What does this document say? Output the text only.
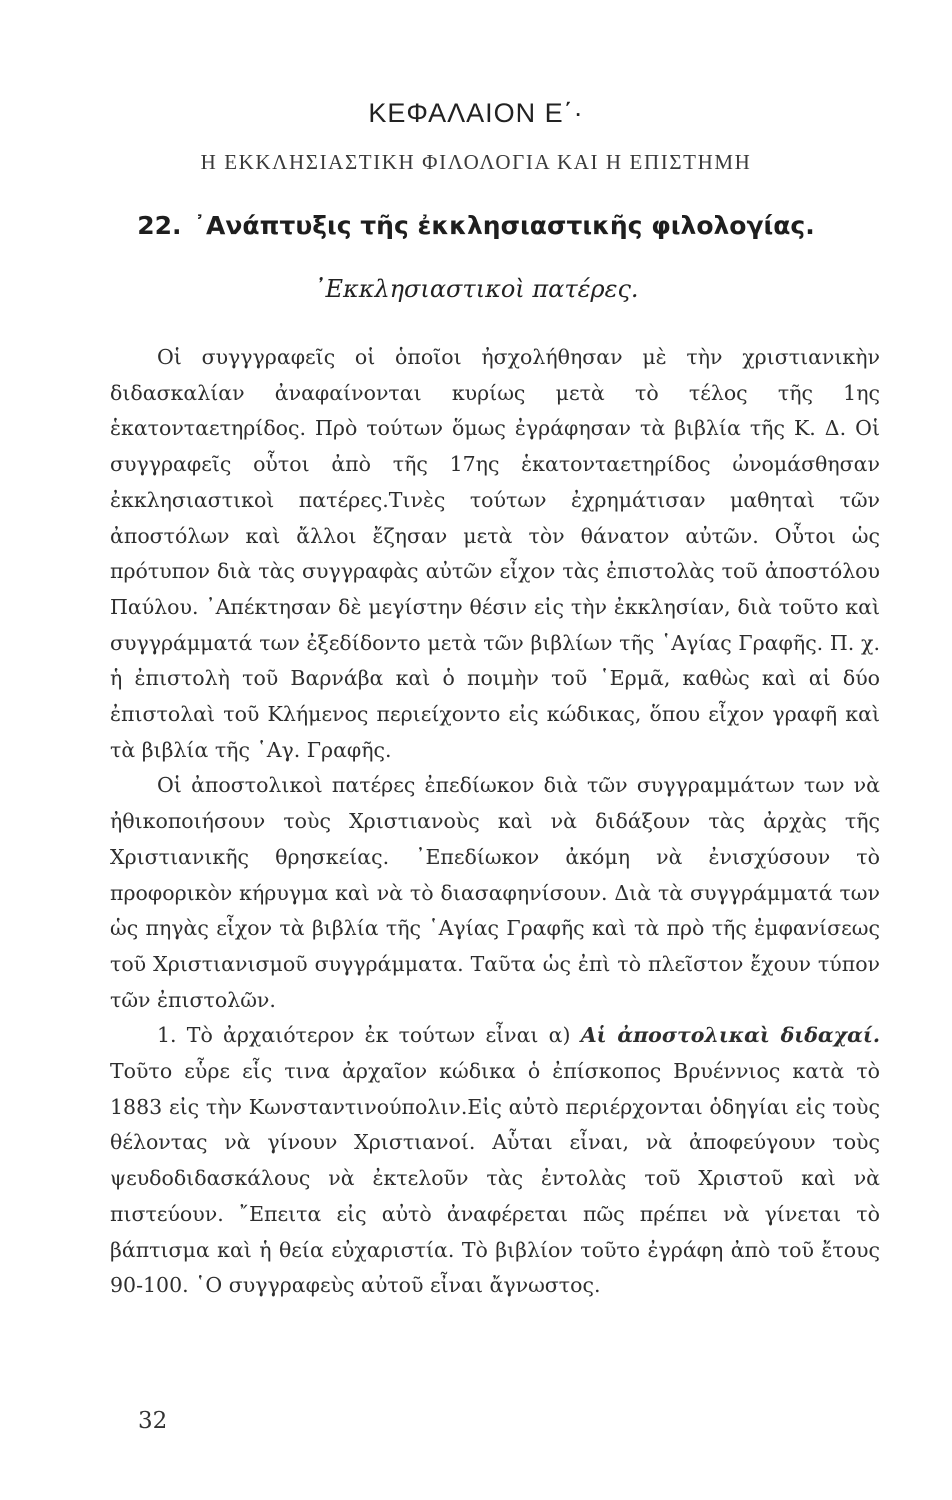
ΚΕΦΑΛΑΙΟΝ Ε΄·
Η ΕΚΚΛΗΣΙΑΣΤΙΚΗ ΦΙΛΟΛΟΓΙΑ ΚΑΙ Η ΕΠΙΣΤΗΜΗ
22. ᾿Ανάπτυξις τῆς ἐκκλησιαστικῆς φιλολογίας.
᾿Εκκλησιαστικοὶ πατέρες.

Οἱ συγγγραφεῖς οἱ ὁποῖοι ἠσχολήθησαν μὲ τὴν χριστιανικὴν διδασκαλίαν ἀναφαίνονται κυρίως μετὰ τὸ τέλος τῆς 1ης ἑκατονταετηρίδος. Πρὸ τούτων ὅμως ἐγράφησαν τὰ βιβλία τῆς Κ. Δ. Οἱ συγγραφεῖς οὗτοι ἀπὸ τῆς 17ης ἑκατονταετηρίδος ὠνομάσθησαν ἐκκλησιαστικοὶ πατέρες.Τινὲς τούτων ἐχρημάτισαν μαθηταὶ τῶν ἀποστόλων καὶ ἄλλοι ἔζησαν μετὰ τὸν θάνατον αὐτῶν. Οὗτοι ὡς πρότυπον διὰ τὰς συγγραφὰς αὐτῶν εἶχον τὰς ἐπιστολὰς τοῦ ἀποστόλου Παύλου. ᾿Απέκτησαν δὲ μεγίστην θέσιν εἰς τὴν ἐκκλησίαν, διὰ τοῦτο καὶ συγγράμματά των ἐξεδίδοντο μετὰ τῶν βιβλίων τῆς ῾Αγίας Γραφῆς. Π. χ. ἡ ἐπιστολὴ τοῦ Βαρνάβα καὶ ὁ ποιμὴν τοῦ ῾Ερμᾶ, καθὼς καὶ αἱ δύο ἐπιστολαὶ τοῦ Κλήμενος περιείχοντο εἰς κώδικας, ὅπου εἶχον γραφῆ καὶ τὰ βιβλία τῆς ῾Αγ. Γραφῆς.

Οἱ ἀποστολικοὶ πατέρες ἐπεδίωκον διὰ τῶν συγγραμμάτων των νὰ ἠθικοποιήσουν τοὺς Χριστιανοὺς καὶ νὰ διδάξουν τὰς ἀρχὰς τῆς Χριστιανικῆς θρησκείας. ᾿Επεδίωκον ἀκόμη νὰ ἐνισχύσουν τὸ προφορικὸν κήρυγμα καὶ νὰ τὸ διασαφηνίσουν. Διὰ τὰ συγγράμματά των ὡς πηγὰς εἶχον τὰ βιβλία τῆς ῾Αγίας Γραφῆς καὶ τὰ πρὸ τῆς ἐμφανίσεως τοῦ Χριστιανισμοῦ συγγράμματα. Ταῦτα ὡς ἐπὶ τὸ πλεῖστον ἔχουν τύπον τῶν ἐπιστολῶν.

1. Τὸ ἀρχαιότερον ἐκ τούτων εἶναι α) Αἱ ἀποστολικαὶ διδαχαί. Τοῦτο εὗρε εἷς τινα ἀρχαῖον κώδικα ὁ ἐπίσκοπος Βρυέννιος κατὰ τὸ 1883 εἰς τὴν Κωνσταντινούπολιν.Εἰς αὐτὸ περιέρχονται ὁδηγίαι εἰς τοὺς θέλοντας νὰ γίνουν Χριστιανοί. Αὗται εἶναι, νὰ ἀποφεύγουν τοὺς ψευδοδιδασκάλους νὰ ἐκτελοῦν τὰς ἐντολὰς τοῦ Χριστοῦ καὶ νὰ πιστεύουν. ῎Επειτα εἰς αὐτὸ ἀναφέρεται πῶς πρέπει νὰ γίνεται τὸ βάπτισμα καὶ ἡ θεία εὐχαριστία. Τὸ βιβλίον τοῦτο ἐγράφη ἀπὸ τοῦ ἔτους 90-100. ῾Ο συγγραφεὺς αὐτοῦ εἶναι ἄγνωστος.

32
